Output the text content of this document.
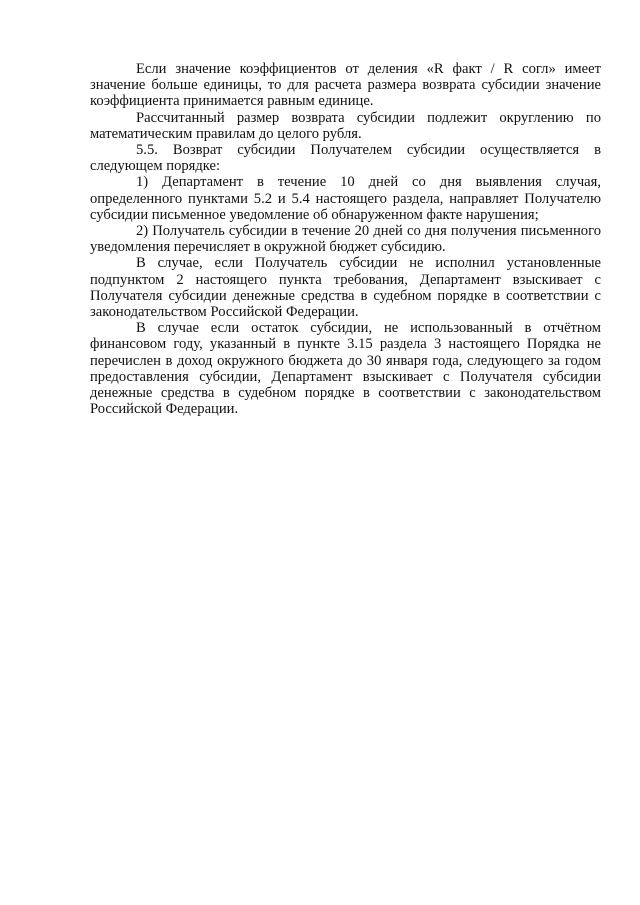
Если значение коэффициентов от деления «R факт / R согл» имеет значение больше единицы, то для расчета размера возврата субсидии значение коэффициента принимается равным единице.

Рассчитанный размер возврата субсидии подлежит округлению по математическим правилам до целого рубля.

5.5. Возврат субсидии Получателем субсидии осуществляется в следующем порядке:

1) Департамент в течение 10 дней со дня выявления случая, определенного пунктами 5.2 и 5.4 настоящего раздела, направляет Получателю субсидии письменное уведомление об обнаруженном факте нарушения;

2) Получатель субсидии в течение 20 дней со дня получения письменного уведомления перечисляет в окружной бюджет субсидию.

В случае, если Получатель субсидии не исполнил установленные подпунктом 2 настоящего пункта требования, Департамент взыскивает с Получателя субсидии денежные средства в судебном порядке в соответствии с законодательством Российской Федерации.

В случае если остаток субсидии, не использованный в отчётном финансовом году, указанный в пункте 3.15 раздела 3 настоящего Порядка не перечислен в доход окружного бюджета до 30 января года, следующего за годом предоставления субсидии, Департамент взыскивает с Получателя субсидии денежные средства в судебном порядке в соответствии с законодательством Российской Федерации.
